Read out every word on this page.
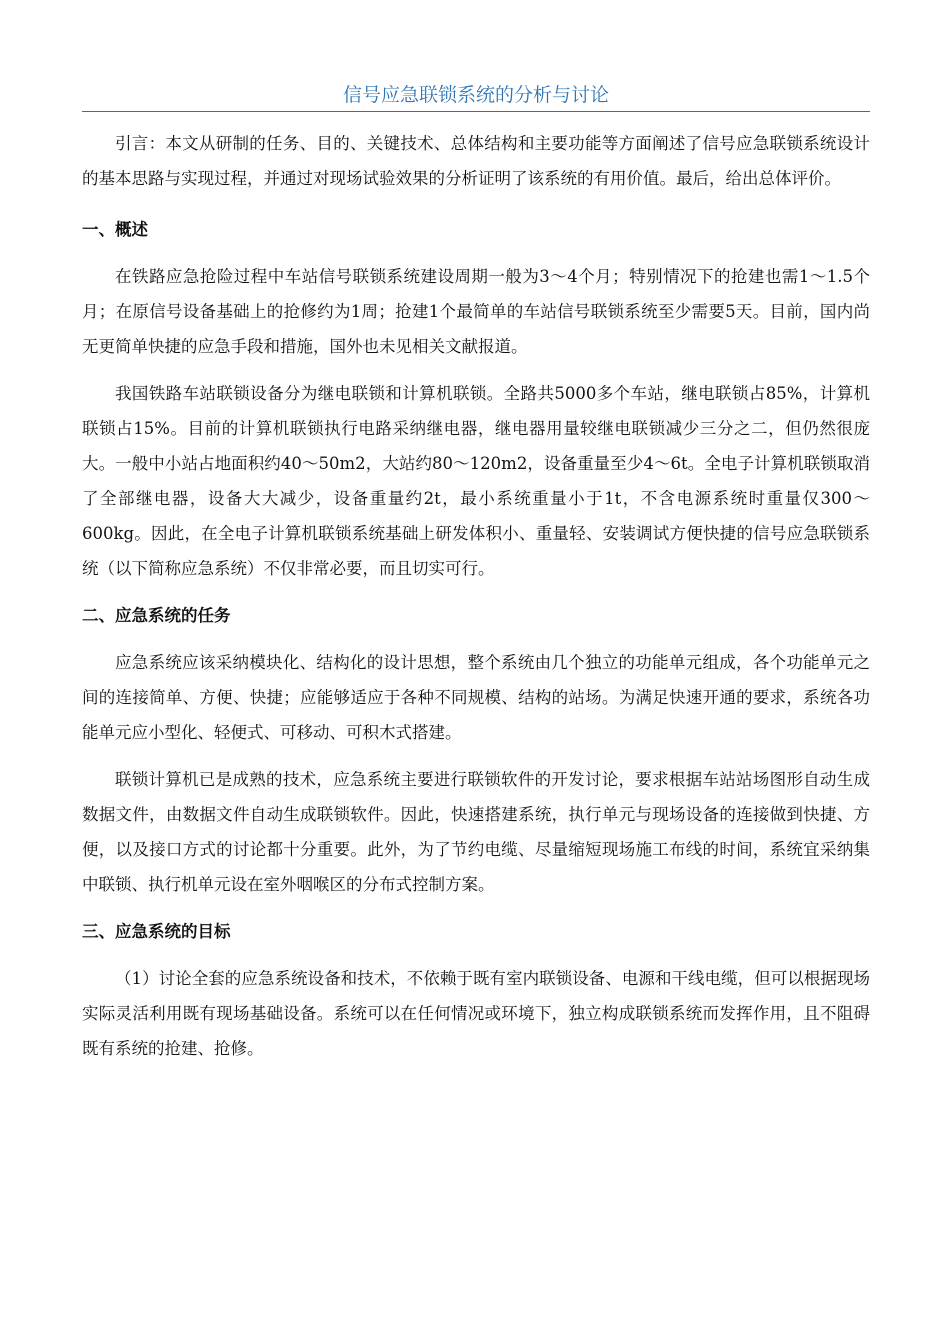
信号应急联锁系统的分析与讨论

引言：本文从研制的任务、目的、关键技术、总体结构和主要功能等方面阐述了信号应急联锁系统设计的基本思路与实现过程，并通过对现场试验效果的分析证明了该系统的有用价值。最后，给出总体评价。

一、概述

在铁路应急抢险过程中车站信号联锁系统建设周期一般为3～4个月；特别情况下的抢建也需1～1.5个月；在原信号设备基础上的抢修约为1周；抢建1个最简单的车站信号联锁系统至少需要5天。目前，国内尚无更简单快捷的应急手段和措施，国外也未见相关文献报道。

我国铁路车站联锁设备分为继电联锁和计算机联锁。全路共5000多个车站，继电联锁占85%，计算机联锁占15%。目前的计算机联锁执行电路采纳继电器，继电器用量较继电联锁减少三分之二，但仍然很庞大。一般中小站占地面积约40～50m2，大站约80～120m2，设备重量至少4～6t。全电子计算机联锁取消了全部继电器，设备大大减少，设备重量约2t，最小系统重量小于1t，不含电源系统时重量仅300～600kg。因此，在全电子计算机联锁系统基础上研发体积小、重量轻、安装调试方便快捷的信号应急联锁系统（以下简称应急系统）不仅非常必要，而且切实可行。

二、应急系统的任务

应急系统应该采纳模块化、结构化的设计思想，整个系统由几个独立的功能单元组成，各个功能单元之间的连接简单、方便、快捷；应能够适应于各种不同规模、结构的站场。为满足快速开通的要求，系统各功能单元应小型化、轻便式、可移动、可积木式搭建。

联锁计算机已是成熟的技术，应急系统主要进行联锁软件的开发讨论，要求根据车站站场图形自动生成数据文件，由数据文件自动生成联锁软件。因此，快速搭建系统，执行单元与现场设备的连接做到快捷、方便，以及接口方式的讨论都十分重要。此外，为了节约电缆、尽量缩短现场施工布线的时间，系统宜采纳集中联锁、执行机单元设在室外咽喉区的分布式控制方案。

三、应急系统的目标

（1）讨论全套的应急系统设备和技术，不依赖于既有室内联锁设备、电源和干线电缆，但可以根据现场实际灵活利用既有现场基础设备。系统可以在任何情况或环境下，独立构成联锁系统而发挥作用，且不阻碍既有系统的抢建、抢修。
